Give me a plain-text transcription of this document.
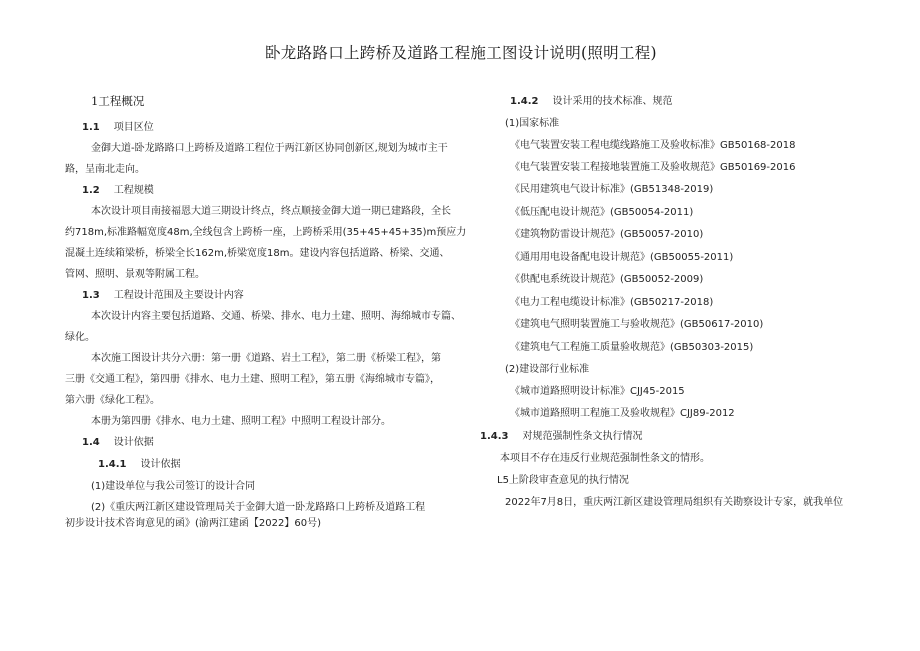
卧龙路路口上跨桥及道路工程施工图设计说明(照明工程)
1工程概况
1.1 项目区位
金御大道-卧龙路路口上跨桥及道路工程位于两江新区协同创新区,规划为城市主干
路，呈南北走向。
1.2 工程规模
本次设计项目南接福恩大道三期设计终点，终点顺接金御大道一期已建路段，全长
约718m,标准路幅宽度48m,全线包含上跨桥一座，上跨桥采用(35+45+45+35)m预应力
混凝土连续箱梁桥，桥梁全长162m,桥梁宽度18m。建设内容包括道路、桥梁、交通、
管网、照明、景观等附属工程。
1.3 工程设计范围及主要设计内容
本次设计内容主要包括道路、交通、桥梁、排水、电力土建、照明、海绵城市专篇、
绿化。
本次施工图设计共分六册：第一册《道路、岩土工程》，第二册《桥梁工程》，第
三册《交通工程》，第四册《排水、电力土建、照明工程》，第五册《海绵城市专篇》，
第六册《绿化工程》。
本册为第四册《排水、电力土建、照明工程》中照明工程设计部分。
1.4 设计依据
1.4.1 设计依据
(1)建设单位与我公司签订的设计合同
(2)《重庆两江新区建设管理局关于金御大道一卧龙路路口上跨桥及道路工程
初步设计技术咨询意见的函》(渝两江建函【2022】60号)
1.4.2 设计采用的技术标准、规范
(1)国家标准
《电气装置安装工程电缆线路施工及验收标准》GB50168-2018
《电气装置安装工程接地装置施工及验收规范》GB50169-2016
《民用建筑电气设计标准》(GB51348-2019)
《低压配电设计规范》(GB50054-2011)
《建筑物防雷设计规范》(GB50057-2010)
《通用用电设备配电设计规范》(GB50055-2011)
《供配电系统设计规范》(GB50052-2009)
《电力工程电缆设计标准》(GB50217-2018)
《建筑电气照明装置施工与验收规范》(GB50617-2010)
《建筑电气工程施工质量验收规范》(GB50303-2015)
(2)建设部行业标准
《城市道路照明设计标准》CJJ45-2015
《城市道路照明工程施工及验收规程》CJJ89-2012
1.4.3 对规范强制性条文执行情况
本项目不存在违反行业规范强制性条文的情形。
L5上阶段审查意见的执行情况
2022年7月8日，重庆两江新区建设管理局组织有关勘察设计专家，就我单位
